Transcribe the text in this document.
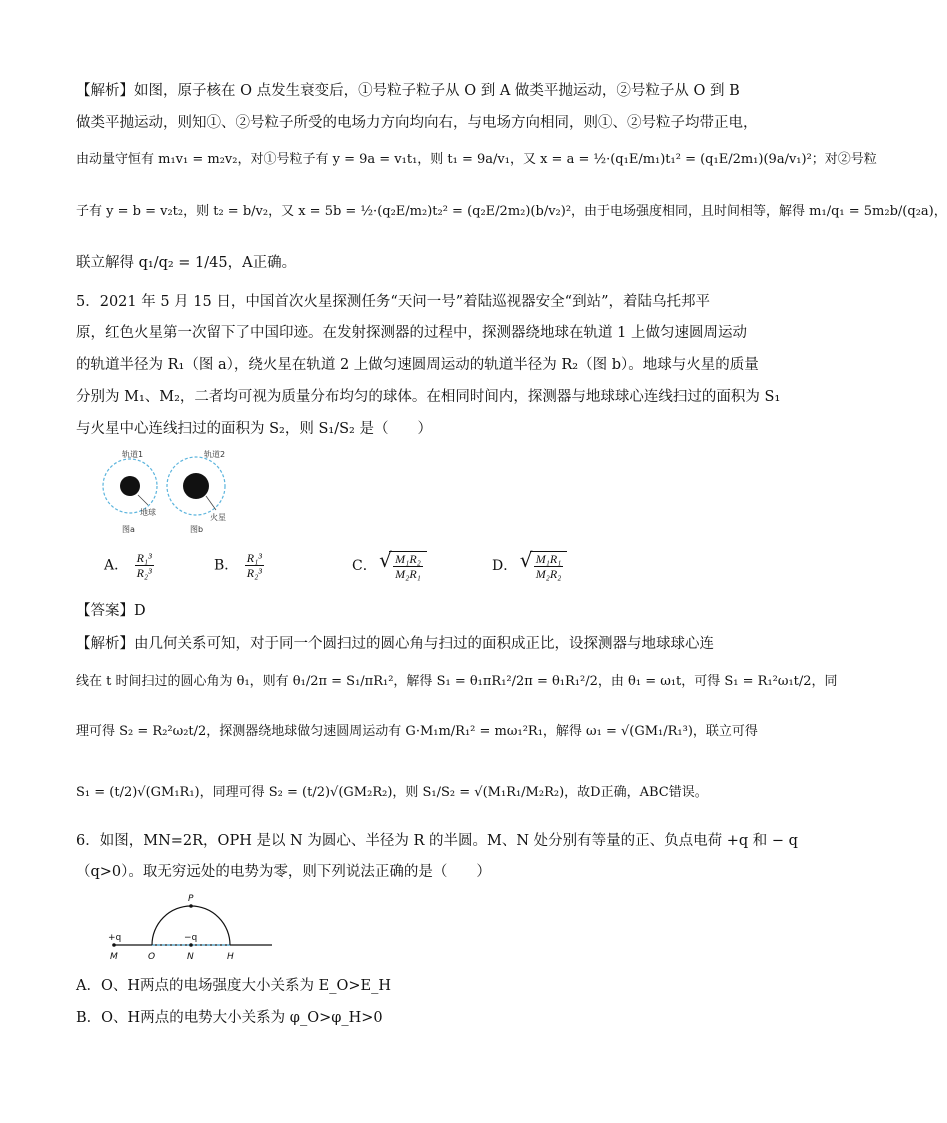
【解析】如图，原子核在 O 点发生衰变后，①号粒子粒子从 O 到 A 做类平抛运动，②号粒子从 O 到 B
做类平抛运动，则知①、②号粒子所受的电场力方向均向右，与电场方向相同，则①、②号粒子均带正电，
由动量守恒有 m₁v₁ = m₂v₂，对①号粒子有 y = 9a = v₁t₁，则 t₁ = 9a/v₁，又 x = a = ½·(q₁E/m₁)t₁² = (q₁E/2m₁)(9a/v₁)²；对②号粒
子有 y = b = v₂t₂，则 t₂ = b/v₂，又 x = 5b = ½·(q₂E/m₂)t₂² = (q₂E/2m₂)(b/v₂)²，由于电场强度相同，且时间相等，解得 m₁/q₁ = 5m₂b/(q₂a)，
联立解得 q₁/q₂ = 1/45，A正确。
5．2021 年 5 月 15 日，中国首次火星探测任务“天问一号”着陆巡视器安全“到站”，着陆乌托邦平
原，红色火星第一次留下了中国印迹。在发射探测器的过程中，探测器绕地球在轨道 1 上做匀速圆周运动
的轨道半径为 R₁（图 a），绕火星在轨道 2 上做匀速圆周运动的轨道半径为 R₂（图 b）。地球与火星的质量
分别为 M₁、M₂，二者均可视为质量分布均匀的球体。在相同时间内，探测器与地球球心连线扫过的面积为 S₁
与火星中心连线扫过的面积为 S₂，则 S₁/S₂ 是（　　）
轨道1	轨道2
地球
火星
图a	图b
A． $\frac{\text{R₁³}}{\text{R₂³}}$	B． $\frac{\text{R₁³}}{\text{R₂³}}$	C． √ $\frac{\text{M₁R₂}}{\text{M₂R₁}}$	D． √ $\frac{\text{M₁R₁}}{\text{M₂R₂}}$
【答案】D
【解析】由几何关系可知，对于同一个圆扫过的圆心角与扫过的面积成正比，设探测器与地球球心连
线在 t 时间扫过的圆心角为 θ₁，则有 θ₁/2π = S₁/πR₁²，解得 S₁ = θ₁πR₁²/2π = θ₁R₁²/2，由 θ₁ = ω₁t，可得 S₁ = R₁²ω₁t/2，同
理可得 S₂ = R₂²ω₂t/2，探测器绕地球做匀速圆周运动有 G·M₁m/R₁² = mω₁²R₁，解得 ω₁ = √(GM₁/R₁³)，联立可得
S₁ = (t/2)√(GM₁R₁)，同理可得 S₂ = (t/2)√(GM₂R₂)，则 S₁/S₂ = √(M₁R₁/M₂R₂)，故D正确，ABC错误。
6．如图，MN=2R，OPH 是以 N 为圆心、半径为 R 的半圆。M、N 处分别有等量的正、负点电荷 +q 和 − q
（q>0）。取无穷远处的电势为零，则下列说法正确的是（　　）
P
+q	−q
M	O	N	H
A．O、H两点的电场强度大小关系为 E_O>E_H
B．O、H两点的电势大小关系为 φ_O>φ_H>0
